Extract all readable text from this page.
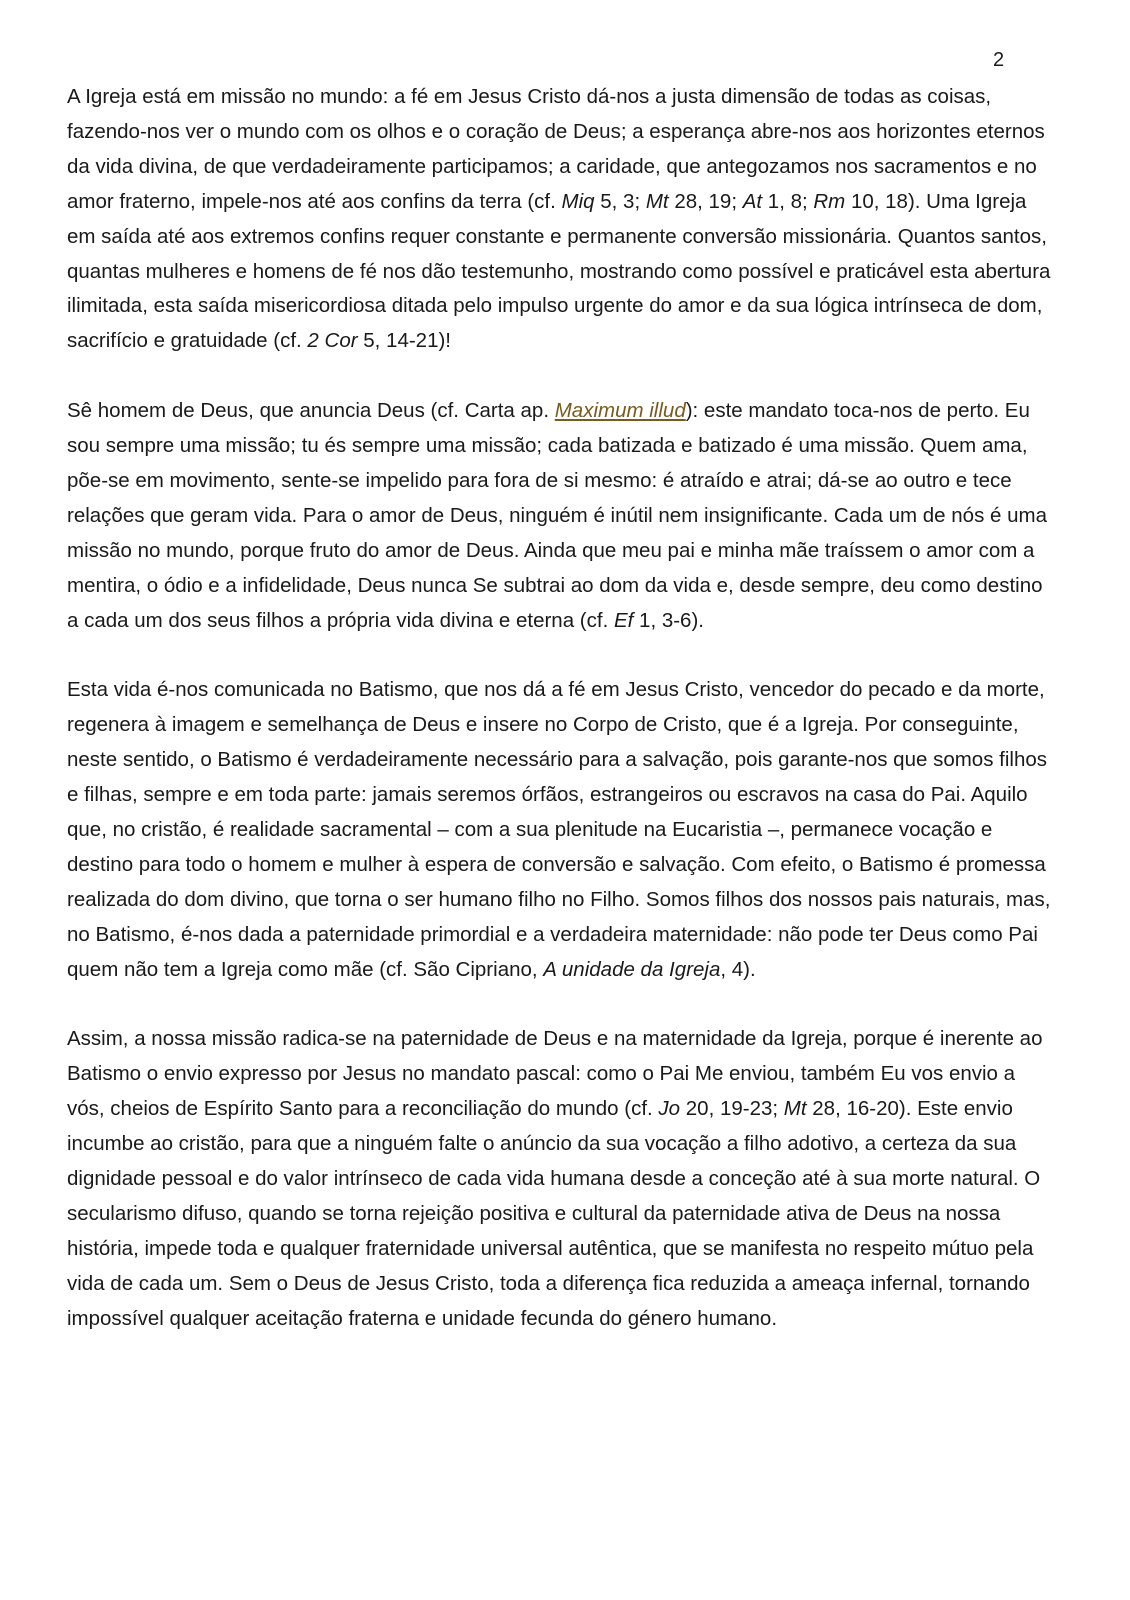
2

A Igreja está em missão no mundo: a fé em Jesus Cristo dá-nos a justa dimensão de todas as coisas, fazendo-nos ver o mundo com os olhos e o coração de Deus; a esperança abre-nos aos horizontes eternos da vida divina, de que verdadeiramente participamos; a caridade, que antegozamos nos sacramentos e no amor fraterno, impele-nos até aos confins da terra (cf. Miq 5, 3; Mt 28, 19; At 1, 8; Rm 10, 18). Uma Igreja em saída até aos extremos confins requer constante e permanente conversão missionária. Quantos santos, quantas mulheres e homens de fé nos dão testemunho, mostrando como possível e praticável esta abertura ilimitada, esta saída misericordiosa ditada pelo impulso urgente do amor e da sua lógica intrínseca de dom, sacrifício e gratuidade (cf. 2 Cor 5, 14-21)!

Sê homem de Deus, que anuncia Deus (cf. Carta ap. Maximum illud): este mandato toca-nos de perto. Eu sou sempre uma missão; tu és sempre uma missão; cada batizada e batizado é uma missão. Quem ama, põe-se em movimento, sente-se impelido para fora de si mesmo: é atraído e atrai; dá-se ao outro e tece relações que geram vida. Para o amor de Deus, ninguém é inútil nem insignificante. Cada um de nós é uma missão no mundo, porque fruto do amor de Deus. Ainda que meu pai e minha mãe traíssem o amor com a mentira, o ódio e a infidelidade, Deus nunca Se subtrai ao dom da vida e, desde sempre, deu como destino a cada um dos seus filhos a própria vida divina e eterna (cf. Ef 1, 3-6).

Esta vida é-nos comunicada no Batismo, que nos dá a fé em Jesus Cristo, vencedor do pecado e da morte, regenera à imagem e semelhança de Deus e insere no Corpo de Cristo, que é a Igreja. Por conseguinte, neste sentido, o Batismo é verdadeiramente necessário para a salvação, pois garante-nos que somos filhos e filhas, sempre e em toda parte: jamais seremos órfãos, estrangeiros ou escravos na casa do Pai. Aquilo que, no cristão, é realidade sacramental – com a sua plenitude na Eucaristia –, permanece vocação e destino para todo o homem e mulher à espera de conversão e salvação. Com efeito, o Batismo é promessa realizada do dom divino, que torna o ser humano filho no Filho. Somos filhos dos nossos pais naturais, mas, no Batismo, é-nos dada a paternidade primordial e a verdadeira maternidade: não pode ter Deus como Pai quem não tem a Igreja como mãe (cf. São Cipriano, A unidade da Igreja, 4).

Assim, a nossa missão radica-se na paternidade de Deus e na maternidade da Igreja, porque é inerente ao Batismo o envio expresso por Jesus no mandato pascal: como o Pai Me enviou, também Eu vos envio a vós, cheios de Espírito Santo para a reconciliação do mundo (cf. Jo 20, 19-23; Mt 28, 16-20). Este envio incumbe ao cristão, para que a ninguém falte o anúncio da sua vocação a filho adotivo, a certeza da sua dignidade pessoal e do valor intrínseco de cada vida humana desde a conceção até à sua morte natural. O secularismo difuso, quando se torna rejeição positiva e cultural da paternidade ativa de Deus na nossa história, impede toda e qualquer fraternidade universal autêntica, que se manifesta no respeito mútuo pela vida de cada um. Sem o Deus de Jesus Cristo, toda a diferença fica reduzida a ameaça infernal, tornando impossível qualquer aceitação fraterna e unidade fecunda do género humano.
